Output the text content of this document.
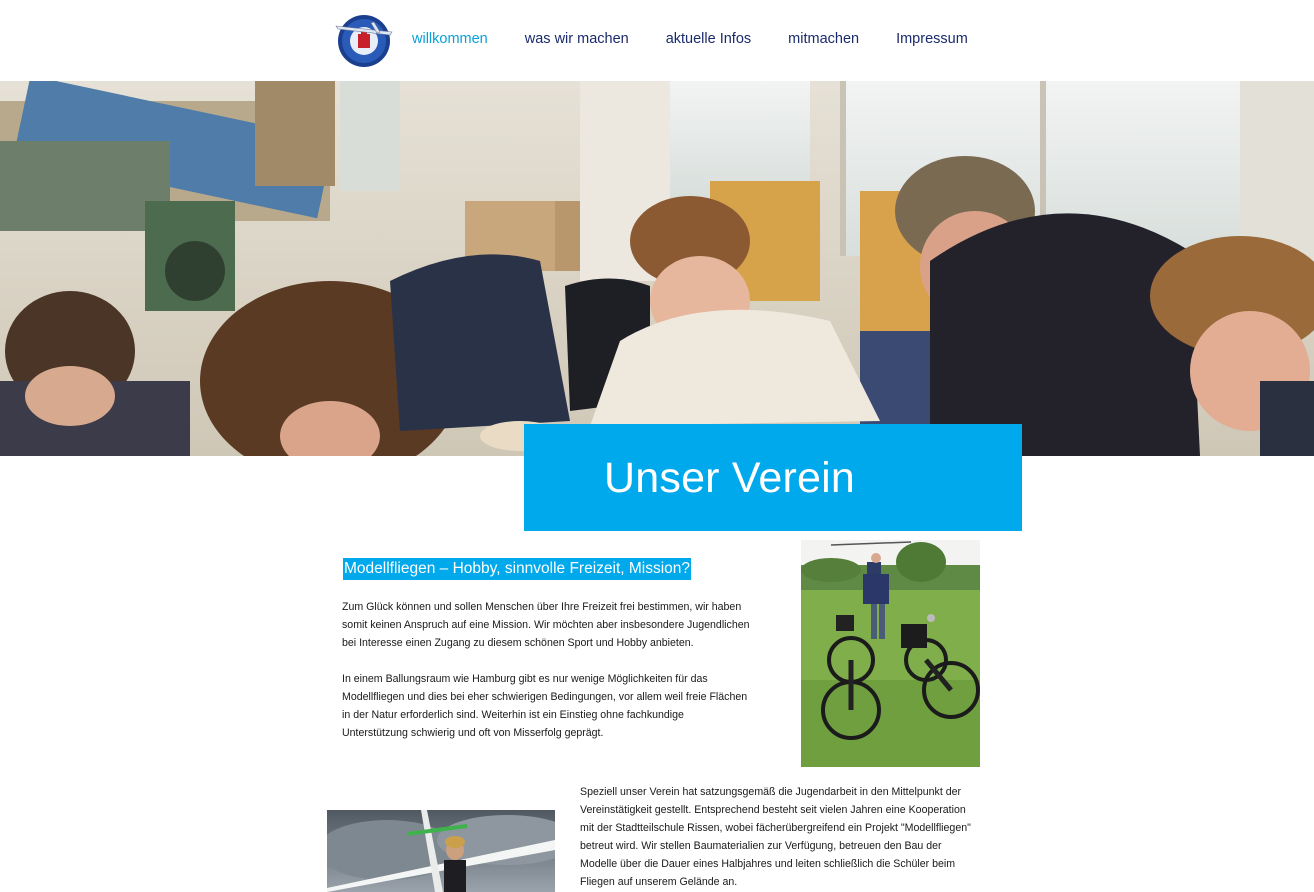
willkommen	was wir machen	aktuelle Infos	mitmachen	Impressum
Unser Verein
Modellfliegen – Hobby, sinnvolle Freizeit, Mission?

Zum Glück können und sollen Menschen über Ihre Freizeit frei bestimmen, wir haben somit keinen Anspruch auf eine Mission. Wir möchten aber insbesondere Jugendlichen bei Interesse einen Zugang zu diesem schönen Sport und Hobby anbieten.

In einem Ballungsraum wie Hamburg gibt es nur wenige Möglichkeiten für das Modellfliegen und dies bei eher schwierigen Bedingungen, vor allem weil freie Flächen in der Natur erforderlich sind. Weiterhin ist ein Einstieg ohne fachkundige Unterstützung schwierig und oft von Misserfolg geprägt.

Speziell unser Verein hat satzungsgemäß die Jugendarbeit in den Mittelpunkt der Vereinstätigkeit gestellt. Entsprechend besteht seit vielen Jahren eine Kooperation mit der Stadtteilschule Rissen, wobei fächerübergreifend ein Projekt "Modellfliegen" betreut wird. Wir stellen Baumaterialien zur Verfügung, betreuen den Bau der Modelle über die Dauer eines Halbjahres und leiten schließlich die Schüler beim Fliegen auf unserem Gelände an.
